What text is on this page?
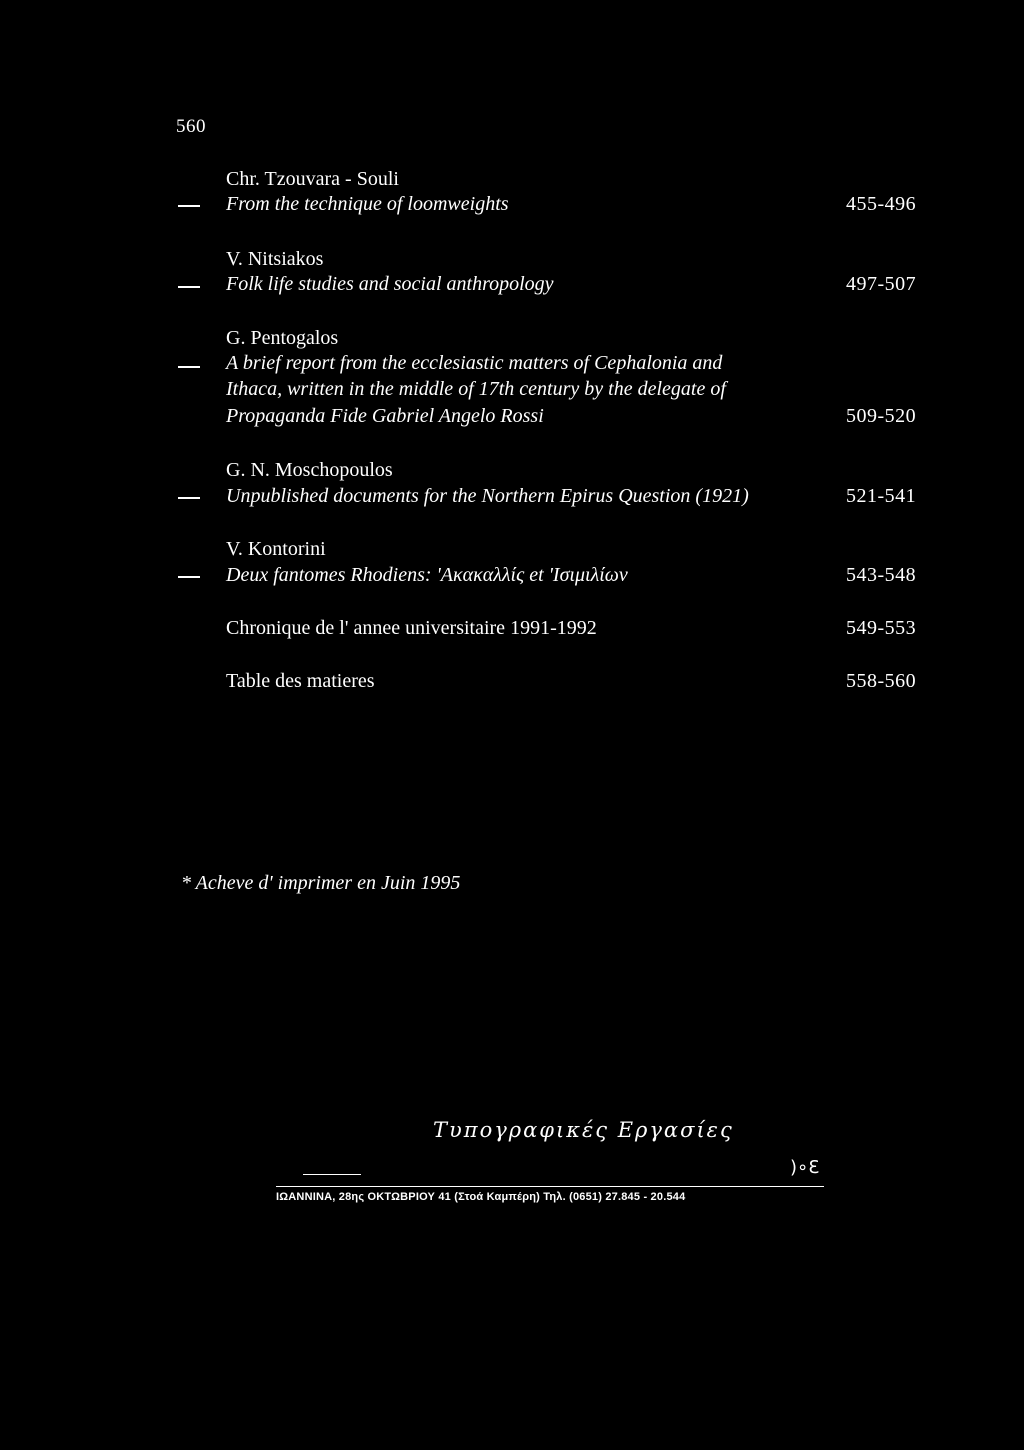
560
Chr. Tzouvara - Souli
From the technique of loomweights	455-496
V. Nitsiakos
Folk life studies and social anthropology	497-507
G. Pentogalos
A brief report from the ecclesiastic matters of Cephalonia and
Ithaca, written in the middle of 17th century by the delegate of
Propaganda Fide Gabriel Angelo Rossi	509-520
G. N. Moschopoulos
Unpublished documents for the Northern Epirus Question (1921)	521-541
V. Kontorini
Deux fantomes Rhodiens: 'Ακακαλλίς et 'Ισιμιλίων	543-548
Chronique de l' annee universitaire 1991-1992	549-553
Table des matieres	558-560
* Acheve d' imprimer en Juin 1995
Τυπογραφικές Εργασίες
)∘Ɛ
ΙΩΑΝΝΙΝΑ, 28ης ΟΚΤΩΒΡΙΟΥ 41 (Στοά Καμπέρη) Τηλ. (0651) 27.845 - 20.544
